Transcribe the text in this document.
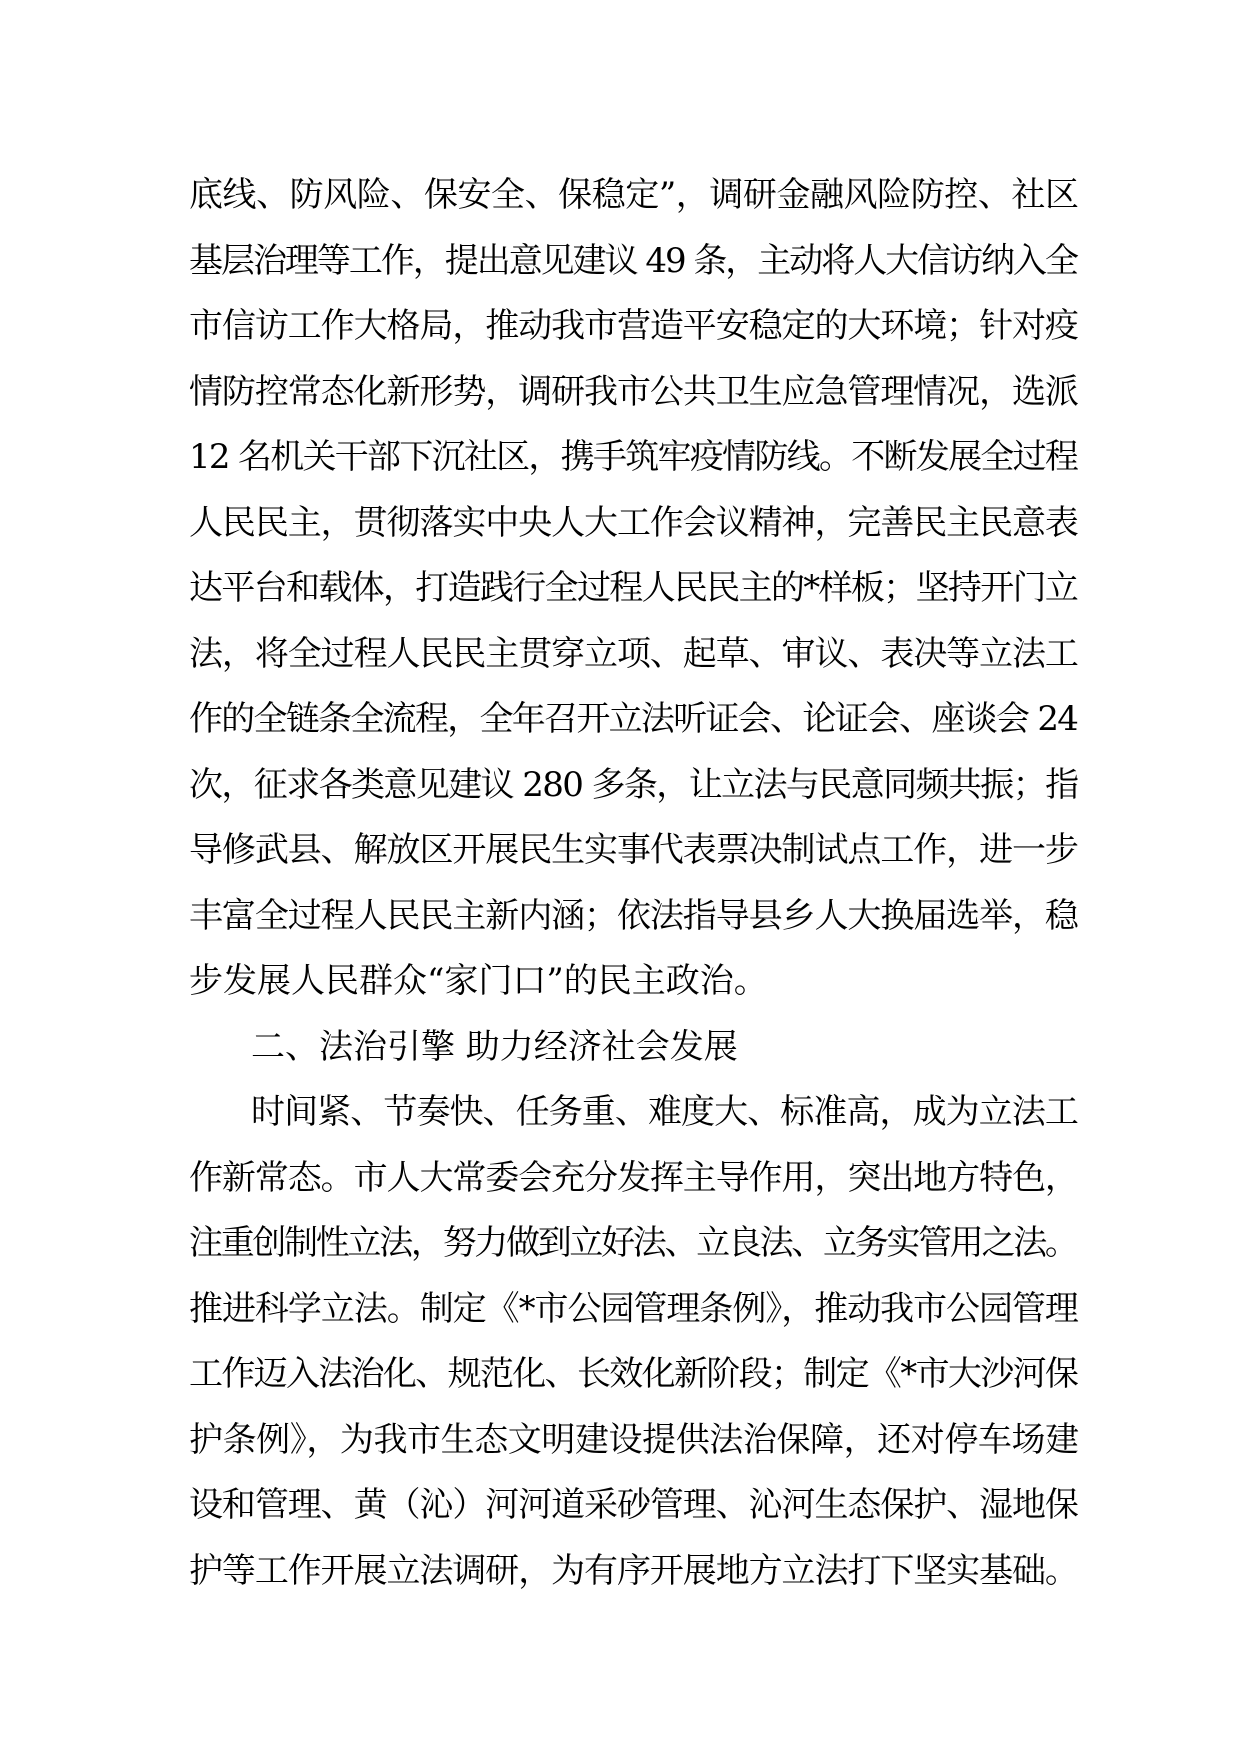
底线、防风险、保安全、保稳定”，调研金融风险防控、社区
基层治理等工作，提出意见建议 49 条，主动将人大信访纳入全
市信访工作大格局，推动我市营造平安稳定的大环境；针对疫
情防控常态化新形势，调研我市公共卫生应急管理情况，选派
12 名机关干部下沉社区，携手筑牢疫情防线。不断发展全过程
人民民主，贯彻落实中央人大工作会议精神，完善民主民意表
达平台和载体，打造践行全过程人民民主的*样板；坚持开门立
法，将全过程人民民主贯穿立项、起草、审议、表决等立法工
作的全链条全流程，全年召开立法听证会、论证会、座谈会 24
次，征求各类意见建议 280 多条，让立法与民意同频共振；指
导修武县、解放区开展民生实事代表票决制试点工作，进一步
丰富全过程人民民主新内涵；依法指导县乡人大换届选举，稳
步发展人民群众“家门口”的民主政治。
二、法治引擎 助力经济社会发展
时间紧、节奏快、任务重、难度大、标准高，成为立法工
作新常态。市人大常委会充分发挥主导作用，突出地方特色，
注重创制性立法，努力做到立好法、立良法、立务实管用之法。
推进科学立法。制定《*市公园管理条例》，推动我市公园管理
工作迈入法治化、规范化、长效化新阶段；制定《*市大沙河保
护条例》，为我市生态文明建设提供法治保障，还对停车场建
设和管理、黄（沁）河河道采砂管理、沁河生态保护、湿地保
护等工作开展立法调研，为有序开展地方立法打下坚实基础。
